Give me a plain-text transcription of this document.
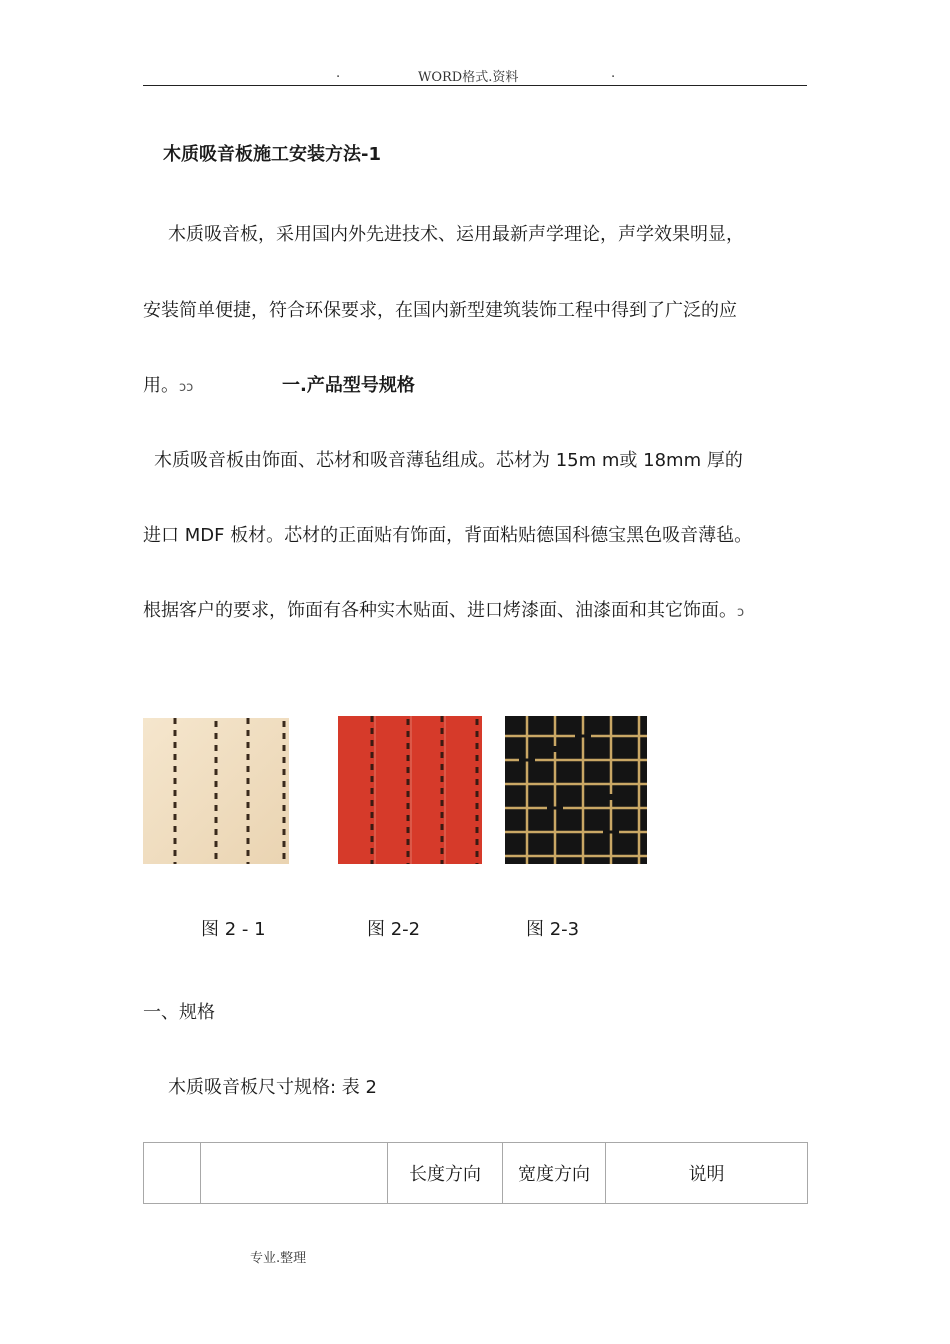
.	WORD格式.资料	.
木质吸音板施工安装方法-1
木质吸音板，采用国内外先进技术、运用最新声学理论，声学效果明显，
安装简单便捷，符合环保要求，在国内新型建筑装饰工程中得到了广泛的应
用。ↄↄ	一.产品型号规格
木质吸音板由饰面、芯材和吸音薄毡组成。芯材为 15m m或 18mm 厚的
进口 MDF 板材。芯材的正面贴有饰面，背面粘贴德国科德宝黑色吸音薄毡。
根据客户的要求，饰面有各种实木贴面、进口烤漆面、油漆面和其它饰面。ↄ
图 2 - 1	图 2-2	图 2-3
一、规格
木质吸音板尺寸规格: 表 2
		长度方向	宽度方向	说明
专业.整理
